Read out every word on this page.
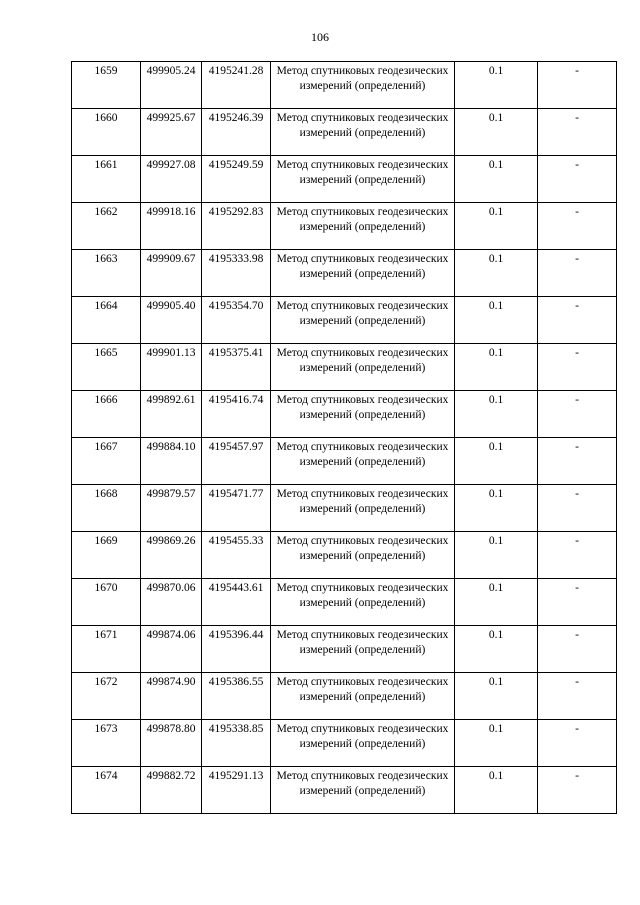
106
1659	499905.24	4195241.28	Метод спутниковых геодезических измерений (определений)	0.1	-
1660	499925.67	4195246.39	Метод спутниковых геодезических измерений (определений)	0.1	-
1661	499927.08	4195249.59	Метод спутниковых геодезических измерений (определений)	0.1	-
1662	499918.16	4195292.83	Метод спутниковых геодезических измерений (определений)	0.1	-
1663	499909.67	4195333.98	Метод спутниковых геодезических измерений (определений)	0.1	-
1664	499905.40	4195354.70	Метод спутниковых геодезических измерений (определений)	0.1	-
1665	499901.13	4195375.41	Метод спутниковых геодезических измерений (определений)	0.1	-
1666	499892.61	4195416.74	Метод спутниковых геодезических измерений (определений)	0.1	-
1667	499884.10	4195457.97	Метод спутниковых геодезических измерений (определений)	0.1	-
1668	499879.57	4195471.77	Метод спутниковых геодезических измерений (определений)	0.1	-
1669	499869.26	4195455.33	Метод спутниковых геодезических измерений (определений)	0.1	-
1670	499870.06	4195443.61	Метод спутниковых геодезических измерений (определений)	0.1	-
1671	499874.06	4195396.44	Метод спутниковых геодезических измерений (определений)	0.1	-
1672	499874.90	4195386.55	Метод спутниковых геодезических измерений (определений)	0.1	-
1673	499878.80	4195338.85	Метод спутниковых геодезических измерений (определений)	0.1	-
1674	499882.72	4195291.13	Метод спутниковых геодезических измерений (определений)	0.1	-
